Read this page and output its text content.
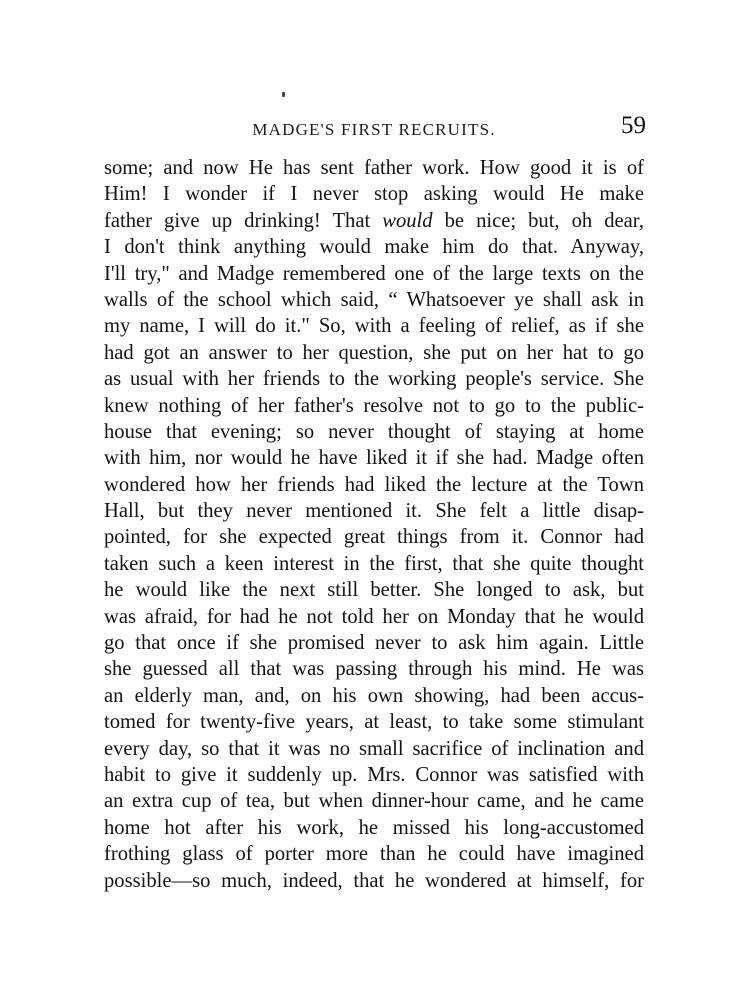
MADGE'S FIRST RECRUITS.	59
some; and now He has sent father work. How good it is of
Him! I wonder if I never stop asking would He make
father give up drinking! That would be nice; but, oh dear,
I don't think anything would make him do that. Anyway,
I'll try," and Madge remembered one of the large texts on the
walls of the school which said, “ Whatsoever ye shall ask in
my name, I will do it." So, with a feeling of relief, as if she
had got an answer to her question, she put on her hat to go
as usual with her friends to the working people's service. She
knew nothing of her father's resolve not to go to the public-
house that evening; so never thought of staying at home
with him, nor would he have liked it if she had. Madge often
wondered how her friends had liked the lecture at the Town
Hall, but they never mentioned it. She felt a little disap-
pointed, for she expected great things from it. Connor had
taken such a keen interest in the first, that she quite thought
he would like the next still better. She longed to ask, but
was afraid, for had he not told her on Monday that he would
go that once if she promised never to ask him again. Little
she guessed all that was passing through his mind. He was
an elderly man, and, on his own showing, had been accus-
tomed for twenty-five years, at least, to take some stimulant
every day, so that it was no small sacrifice of inclination and
habit to give it suddenly up. Mrs. Connor was satisfied with
an extra cup of tea, but when dinner-hour came, and he came
home hot after his work, he missed his long-accustomed
frothing glass of porter more than he could have imagined
possible—so much, indeed, that he wondered at himself, for
